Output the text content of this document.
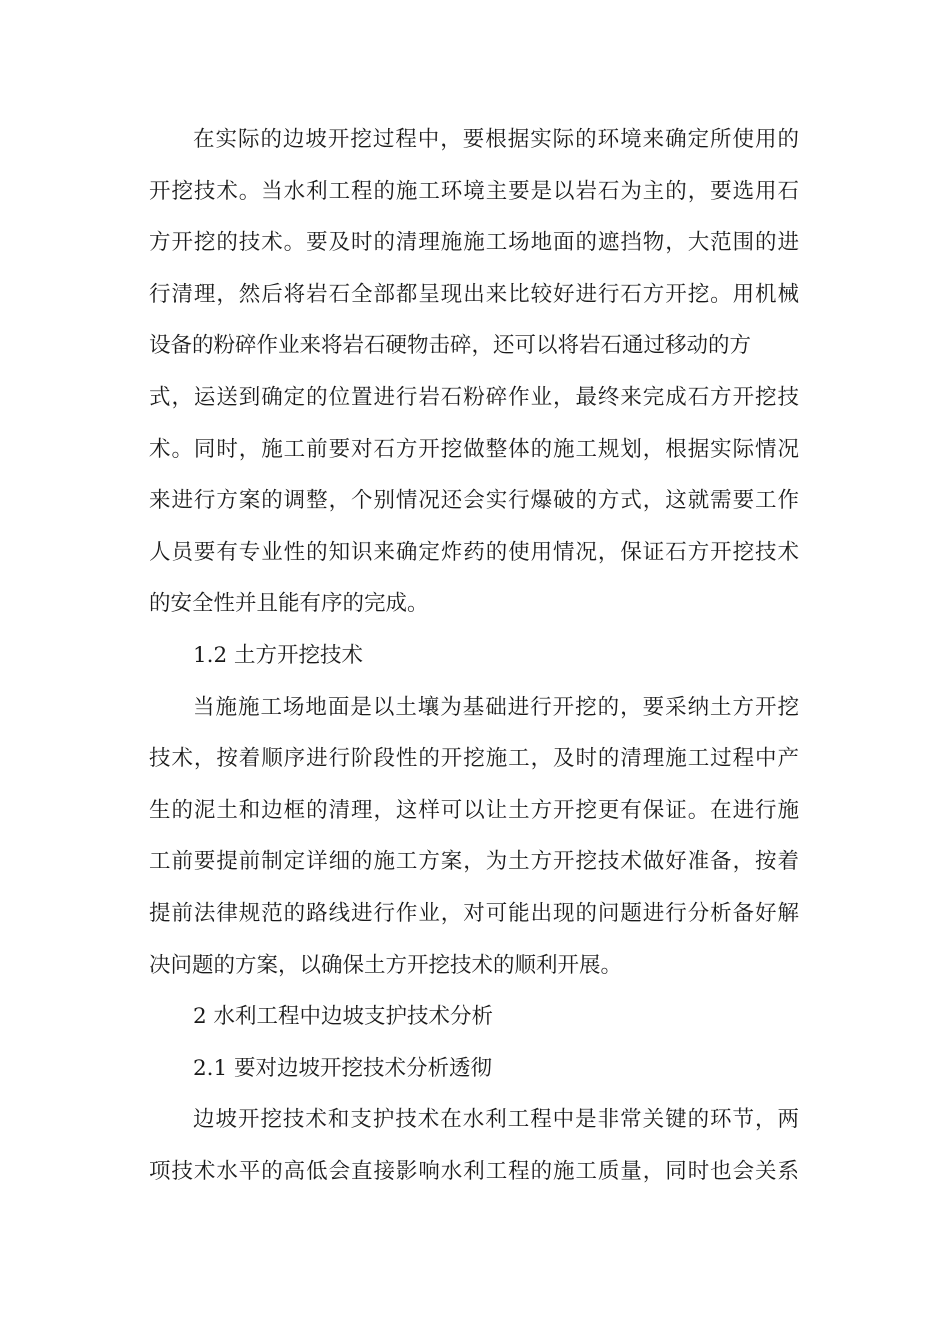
在实际的边坡开挖过程中，要根据实际的环境来确定所使用的
开挖技术。当水利工程的施工环境主要是以岩石为主的，要选用石
方开挖的技术。要及时的清理施施工场地面的遮挡物，大范围的进
行清理，然后将岩石全部都呈现出来比较好进行石方开挖。用机械
设备的粉碎作业来将岩石硬物击碎，还可以将岩石通过移动的方
式，运送到确定的位置进行岩石粉碎作业，最终来完成石方开挖技
术。同时，施工前要对石方开挖做整体的施工规划，根据实际情况
来进行方案的调整，个别情况还会实行爆破的方式，这就需要工作
人员要有专业性的知识来确定炸药的使用情况，保证石方开挖技术
的安全性并且能有序的完成。
1.2 土方开挖技术
当施施工场地面是以土壤为基础进行开挖的，要采纳土方开挖
技术，按着顺序进行阶段性的开挖施工，及时的清理施工过程中产
生的泥土和边框的清理，这样可以让土方开挖更有保证。在进行施
工前要提前制定详细的施工方案，为土方开挖技术做好准备，按着
提前法律规范的路线进行作业，对可能出现的问题进行分析备好解
决问题的方案，以确保土方开挖技术的顺利开展。
2 水利工程中边坡支护技术分析
2.1 要对边坡开挖技术分析透彻
边坡开挖技术和支护技术在水利工程中是非常关键的环节，两
项技术水平的高低会直接影响水利工程的施工质量，同时也会关系
